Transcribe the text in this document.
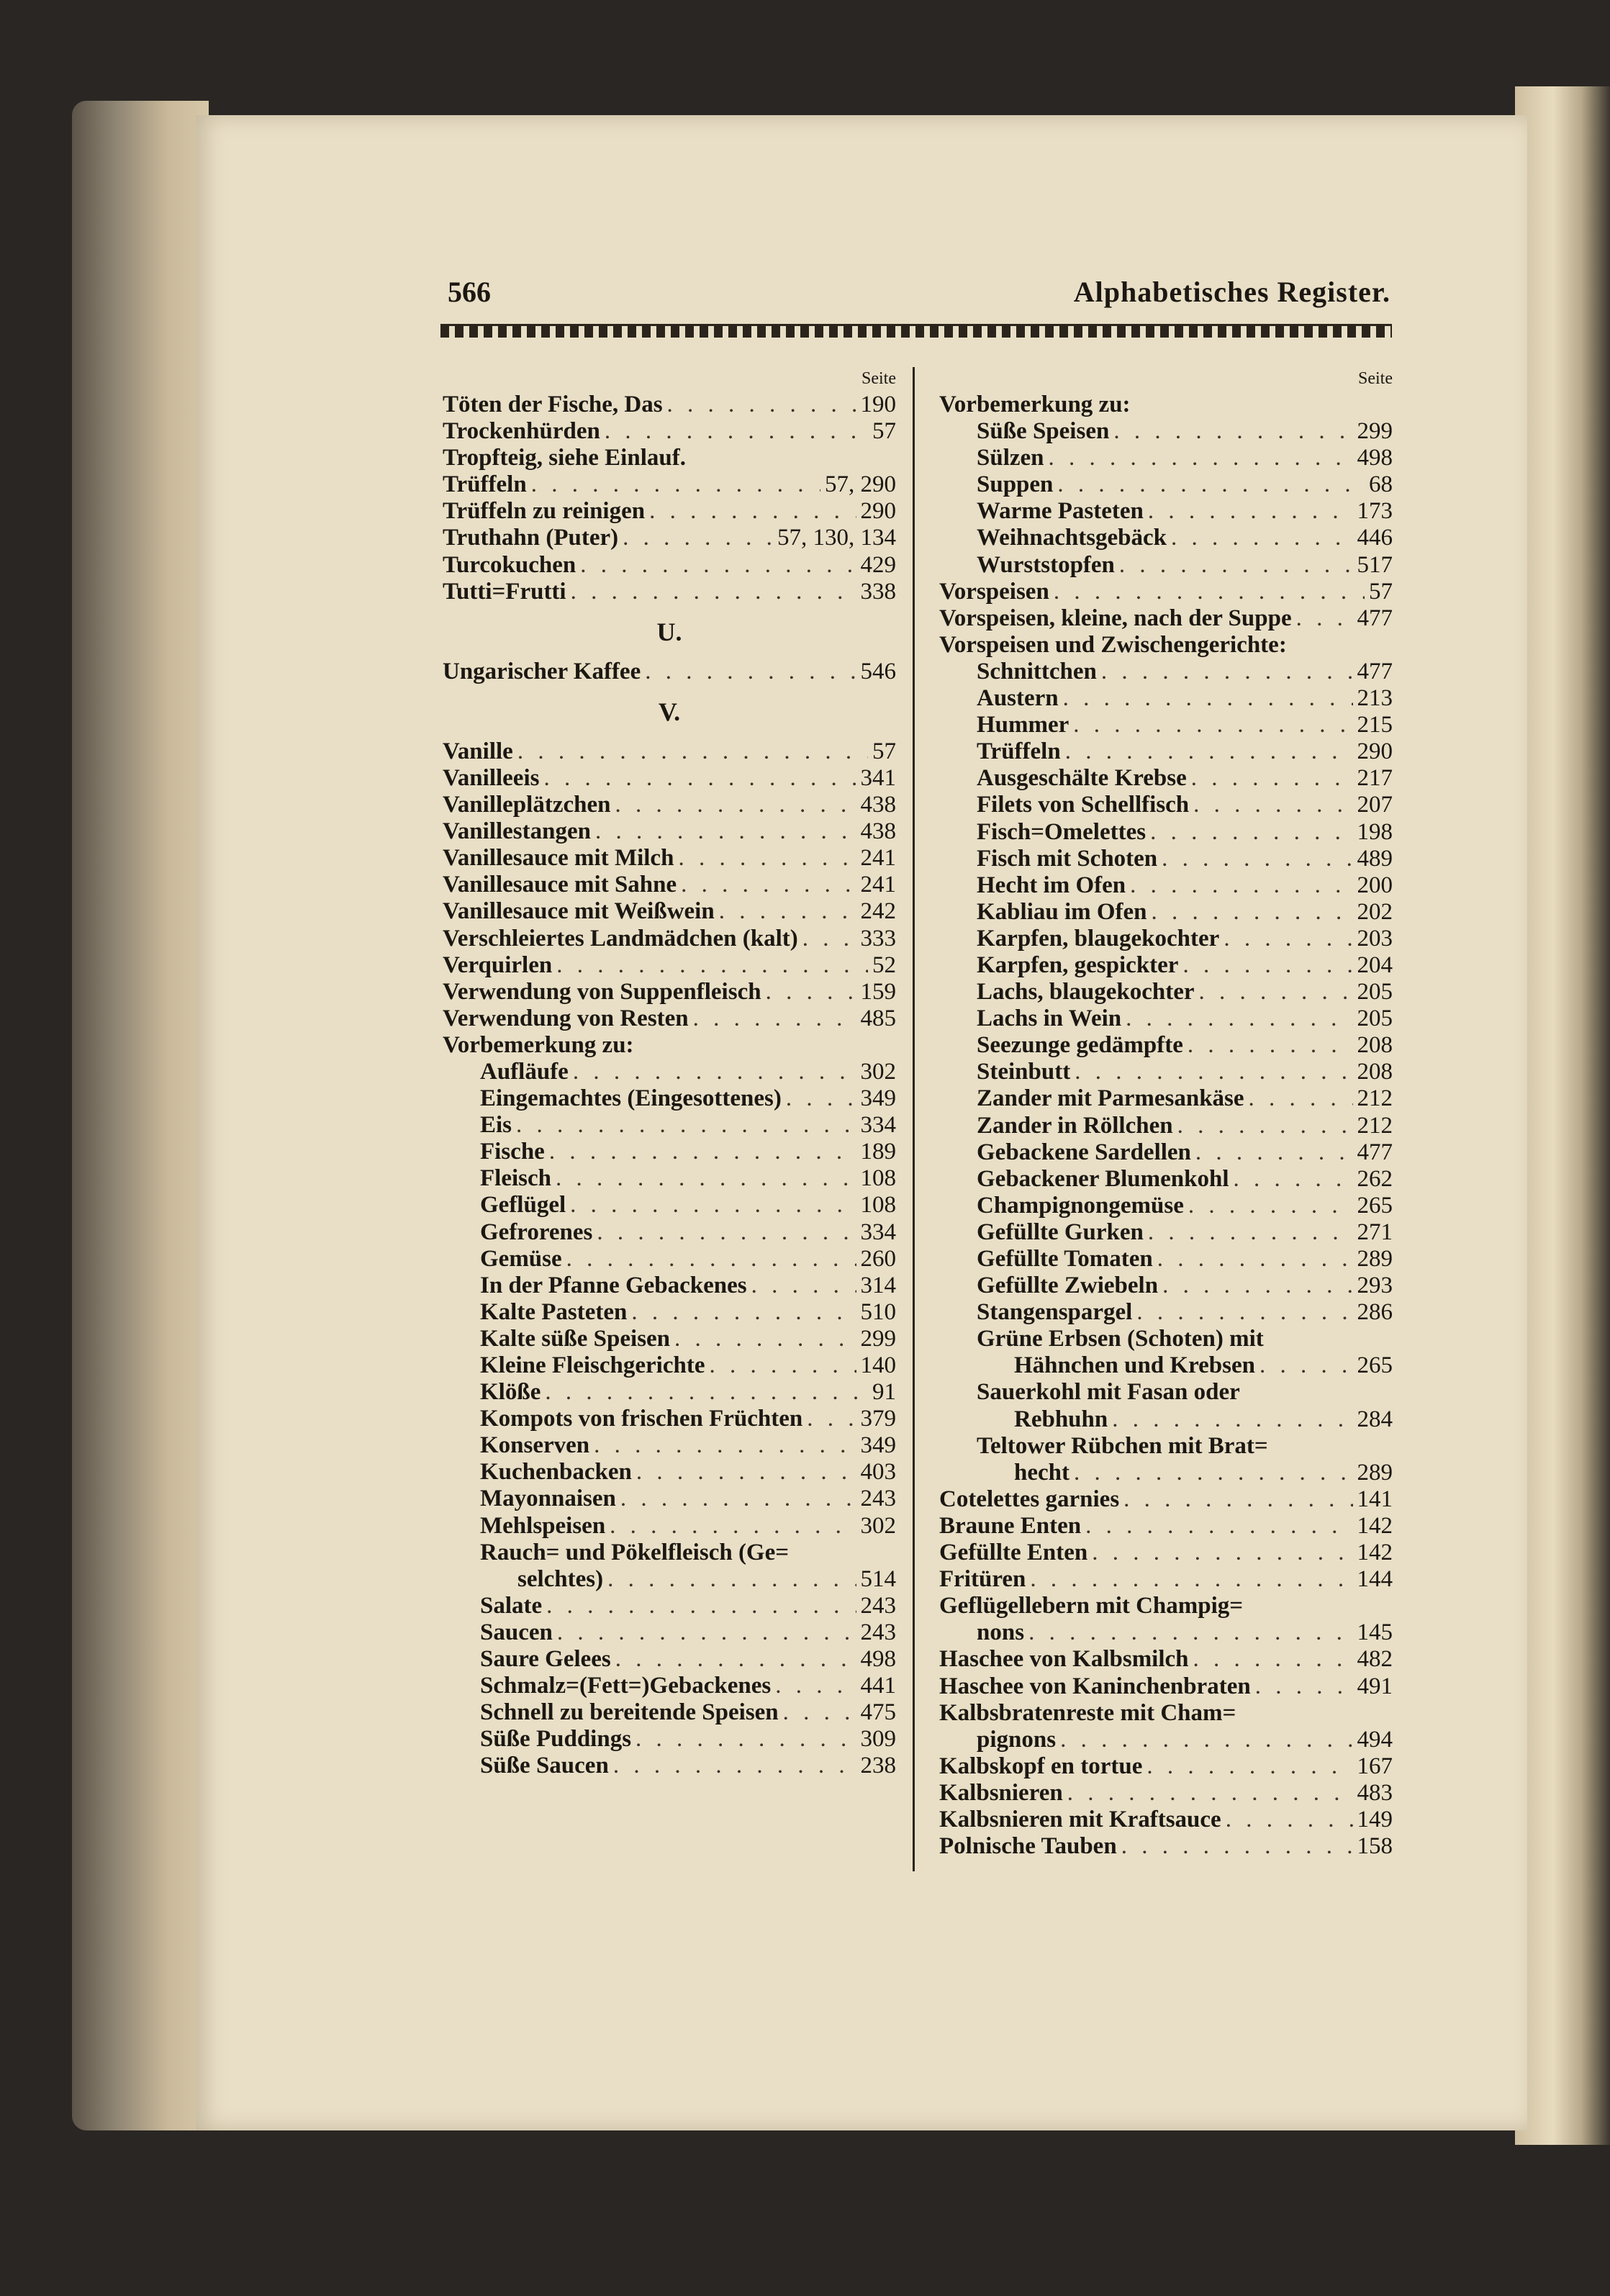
566	Alphabetisches Register.
Seite
Töten der Fische, Das . . .	190
Trockenhürden . . .	57
Tropfteig, siehe Einlauf.
Trüffeln . . .	57, 290
Trüffeln zu reinigen . . .	290
Truthahn (Puter) . . .	57, 130, 134
Turcokuchen . . .	429
Tutti=Frutti . . .	338
U.
Ungarischer Kaffee . . .	546
V.
Vanille . . .	57
Vanilleeis . . .	341
Vanilleplätzchen . . .	438
Vanillestangen . . .	438
Vanillesauce mit Milch . . .	241
Vanillesauce mit Sahne . . .	241
Vanillesauce mit Weißwein . . .	242
Verschleiertes Landmädchen (kalt) . . .	333
Verquirlen . . .	52
Verwendung von Suppenfleisch . . .	159
Verwendung von Resten . . .	485
Vorbemerkung zu:
Aufläufe . . .	302
Eingemachtes (Eingesottenes) . . .	349
Eis . . .	334
Fische . . .	189
Fleisch . . .	108
Geflügel . . .	108
Gefrorenes . . .	334
Gemüse . . .	260
In der Pfanne Gebackenes . . .	314
Kalte Pasteten . . .	510
Kalte süße Speisen . . .	299
Kleine Fleischgerichte . . .	140
Klöße . . .	91
Kompots von frischen Früchten . . . 379
Konserven . . .	349
Kuchenbacken . . .	403
Mayonnaisen . . .	243
Mehlspeisen . . .	302
Rauch= und Pökelfleisch (Ge=
selchtes) . . .	514
Salate . . .	243
Saucen . . .	243
Saure Gelees . . .	498
Schmalz=(Fett=)Gebackenes . . .	441
Schnell zu bereitende Speisen . . .	475
Süße Puddings . . .	309
Süße Saucen . . .	238
Seite
Vorbemerkung zu:
Süße Speisen . . .	299
Sülzen . . .	498
Suppen . . .	68
Warme Pasteten . . .	173
Weihnachtsgebäck . . .	446
Wurststopfen . . .	517
Vorspeisen . . .	57
Vorspeisen, kleine, nach der Suppe . . .	477
Vorspeisen und Zwischengerichte:
Schnittchen . . .	477
Austern . . .	213
Hummer . . .	215
Trüffeln . . .	290
Ausgeschälte Krebse . . .	217
Filets von Schellfisch . . .	207
Fisch=Omelettes . . .	198
Fisch mit Schoten . . .	489
Hecht im Ofen . . .	200
Kabliau im Ofen . . .	202
Karpfen, blaugekochter . . .	203
Karpfen, gespickter . . .	204
Lachs, blaugekochter . . .	205
Lachs in Wein . . .	205
Seezunge gedämpfte . . .	208
Steinbutt . . .	208
Zander mit Parmesankäse . . .	212
Zander in Röllchen . . .	212
Gebackene Sardellen . . .	477
Gebackener Blumenkohl . . .	262
Champignongemüse . . .	265
Gefüllte Gurken . . .	271
Gefüllte Tomaten . . .	289
Gefüllte Zwiebeln . . .	293
Stangenspargel . . .	286
Grüne Erbsen (Schoten) mit
Hähnchen und Krebsen . . .	265
Sauerkohl mit Fasan oder
Rebhuhn . . .	284
Teltower Rübchen mit Brat=
hecht . . .	289
Cotelettes garnies . . .	141
Braune Enten . . .	142
Gefüllte Enten . . .	142
Fritüren . . .	144
Geflügellebern mit Champig=
nons . . .	145
Haschee von Kalbsmilch . . .	482
Haschee von Kaninchenbraten . . .	491
Kalbsbratenreste mit Cham=
pignons . . .	494
Kalbskopf en tortue . . .	167
Kalbsnieren . . .	483
Kalbsnieren mit Kraftsauce . . .	149
Polnische Tauben . . .	158
